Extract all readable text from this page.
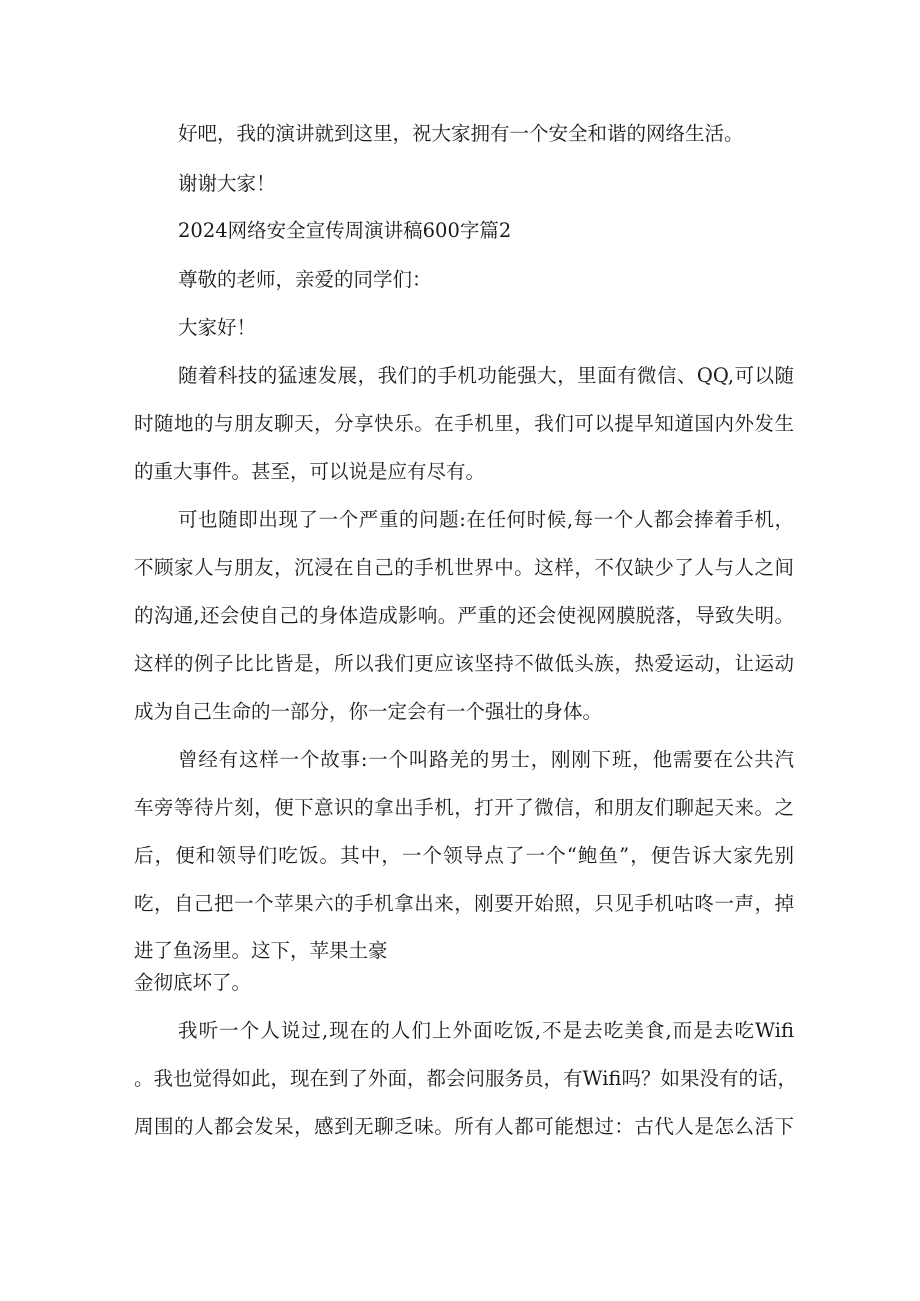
好吧，我的演讲就到这里，祝大家拥有一个安全和谐的网络生活。

谢谢大家！

2024网络安全宣传周演讲稿600字篇2

尊敬的老师，亲爱的同学们：

大家好！

随着科技的猛速发展，我们的手机功能强大，里面有微信、QQ,可以随

时随地的与朋友聊天，分享快乐。在手机里，我们可以提早知道国内外发生

的重大事件。甚至，可以说是应有尽有。

可也随即出现了一个严重的问题:在任何时候,每一个人都会捧着手机，

不顾家人与朋友，沉浸在自己的手机世界中。这样，不仅缺少了人与人之间

的沟通,还会使自己的身体造成影响。严重的还会使视网膜脱落，导致失明。

这样的例子比比皆是，所以我们更应该坚持不做低头族，热爱运动，让运动

成为自己生命的一部分，你一定会有一个强壮的身体。

曾经有这样一个故事:一个叫路羌的男士，刚刚下班，他需要在公共汽

车旁等待片刻，便下意识的拿出手机，打开了微信，和朋友们聊起天来。之

后，便和领导们吃饭。其中，一个领导点了一个“鲍鱼”，便告诉大家先别

吃，自己把一个苹果六的手机拿出来，刚要开始照，只见手机咕咚一声，掉

进了鱼汤里。这下，苹果土豪

金彻底坏了。

我听一个人说过,现在的人们上外面吃饭,不是去吃美食,而是去吃Wifi

。我也觉得如此，现在到了外面，都会问服务员，有Wifi吗？如果没有的话，

周围的人都会发呆，感到无聊乏味。所有人都可能想过：古代人是怎么活下
